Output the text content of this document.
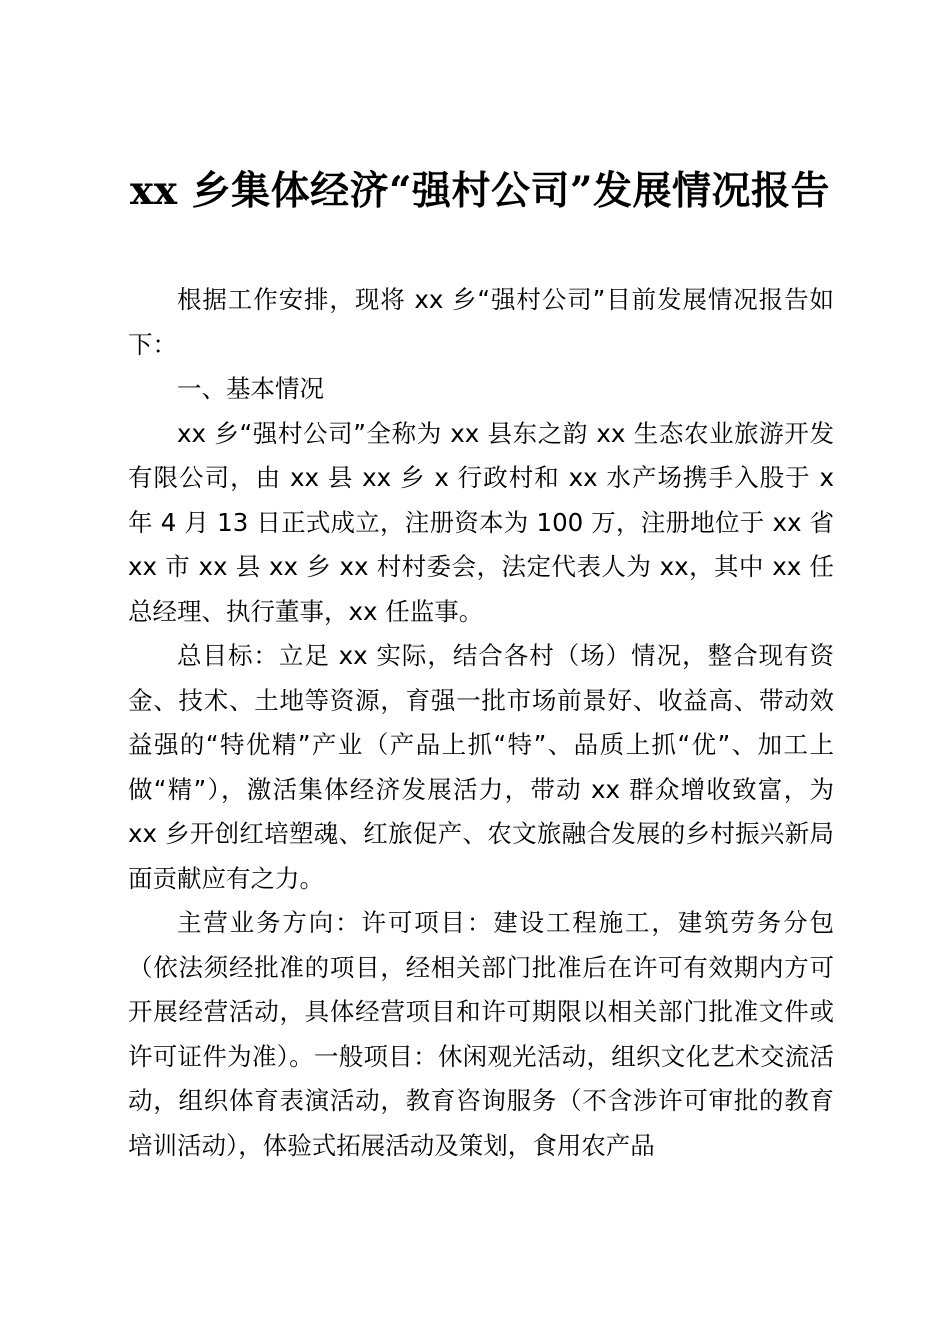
xx 乡集体经济“强村公司”发展情况报告

根据工作安排，现将 xx 乡“强村公司”目前发展情况报告如下：

一、基本情况

xx 乡“强村公司”全称为 xx 县东之韵 xx 生态农业旅游开发有限公司，由 xx 县 xx 乡 x 行政村和 xx 水产场携手入股于 x 年 4 月 13 日正式成立，注册资本为 100 万，注册地位于 xx 省 xx 市 xx 县 xx 乡 xx 村村委会，法定代表人为 xx，其中 xx 任总经理、执行董事，xx 任监事。

总目标：立足 xx 实际，结合各村（场）情况，整合现有资金、技术、土地等资源，育强一批市场前景好、收益高、带动效益强的“特优精”产业（产品上抓“特”、品质上抓“优”、加工上做“精”），激活集体经济发展活力，带动 xx 群众增收致富，为 xx 乡开创红培塑魂、红旅促产、农文旅融合发展的乡村振兴新局面贡献应有之力。

主营业务方向：许可项目：建设工程施工，建筑劳务分包（依法须经批准的项目，经相关部门批准后在许可有效期内方可开展经营活动，具体经营项目和许可期限以相关部门批准文件或许可证件为准）。一般项目：休闲观光活动，组织文化艺术交流活动，组织体育表演活动，教育咨询服务（不含涉许可审批的教育培训活动），体验式拓展活动及策划，食用农产品
